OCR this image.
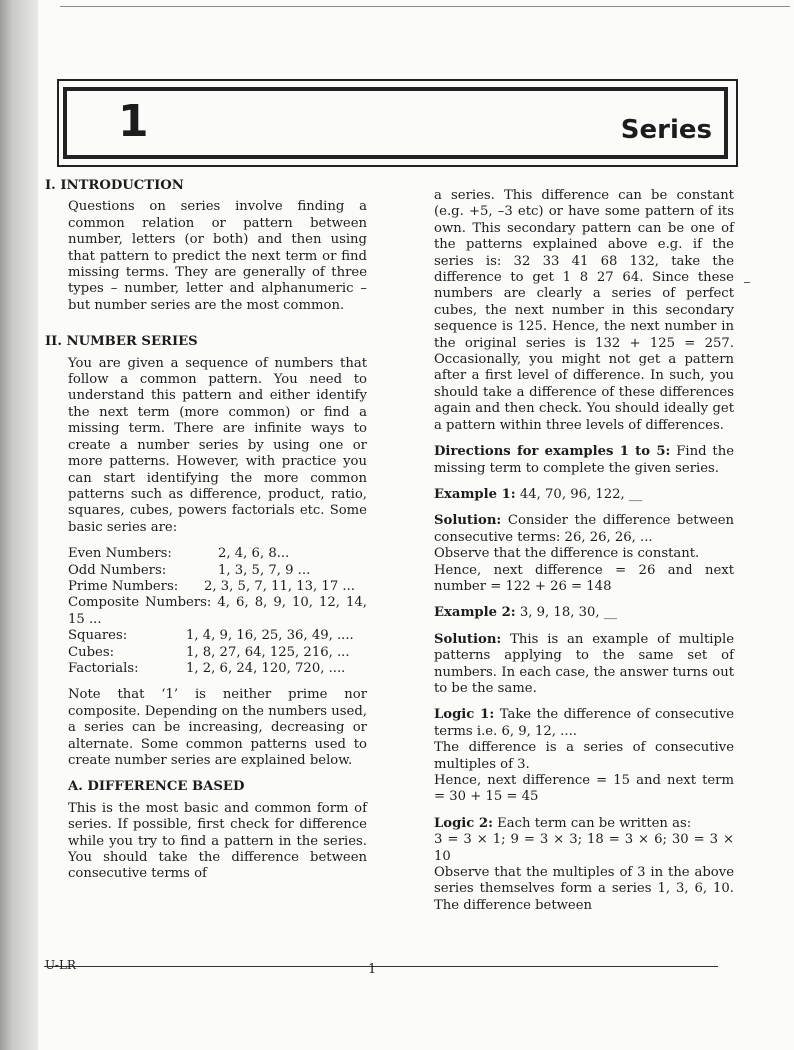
1	Series
I. INTRODUCTION
Questions on series involve finding a common relation or pattern between number, letters (or both) and then using that pattern to predict the next term or find missing terms. They are generally of three types – number, letter and alphanumeric – but number series are the most common.
II. NUMBER SERIES
You are given a sequence of numbers that follow a common pattern. You need to understand this pattern and either identify the next term (more common) or find a missing term. There are infinite ways to create a number series by using one or more patterns. However, with practice you can start identifying the more common patterns such as difference, product, ratio, squares, cubes, powers factorials etc. Some basic series are:
Even Numbers:	2, 4, 6, 8...
Odd Numbers:	1, 3, 5, 7, 9 ...
Prime Numbers:	2, 3, 5, 7, 11, 13, 17 ...
Composite Numbers: 4, 6, 8, 9, 10, 12, 14, 15 ...
Squares:	1, 4, 9, 16, 25, 36, 49, ....
Cubes:	1, 8, 27, 64, 125, 216, ...
Factorials:	1, 2, 6, 24, 120, 720, ....
Note that ‘1’ is neither prime nor composite. Depending on the numbers used, a series can be increasing, decreasing or alternate. Some common patterns used to create number series are explained below.
A. DIFFERENCE BASED
This is the most basic and common form of series. If possible, first check for difference while you try to find a pattern in the series. You should take the difference between consecutive terms of
a series. This difference can be constant (e.g. +5, –3 etc) or have some pattern of its own. This secondary pattern can be one of the patterns explained above e.g. if the series is: 32 33 41 68 132, take the difference to get 1 8 27 64. Since these numbers are clearly a series of perfect cubes, the next number in this secondary sequence is 125. Hence, the next number in the original series is 132 + 125 = 257. Occasionally, you might not get a pattern after a first level of difference. In such, you should take a difference of these differences again and then check. You should ideally get a pattern within three levels of differences.
Directions for examples 1 to 5: Find the missing term to complete the given series.
Example 1: 44, 70, 96, 122, __
Solution: Consider the difference between consecutive terms: 26, 26, 26, ...
Observe that the difference is constant.
Hence, next difference = 26 and next number = 122 + 26 = 148
Example 2: 3, 9, 18, 30, __
Solution: This is an example of multiple patterns applying to the same set of numbers. In each case, the answer turns out to be the same.
Logic 1: Take the difference of consecutive terms i.e. 6, 9, 12, ....
The difference is a series of consecutive multiples of 3.
Hence, next difference = 15 and next term = 30 + 15 = 45
Logic 2: Each term can be written as:
3 = 3 × 1; 9 = 3 × 3; 18 = 3 × 6; 30 = 3 × 10
Observe that the multiples of 3 in the above series themselves form a series 1, 3, 6, 10. The difference between
U-LR	1
